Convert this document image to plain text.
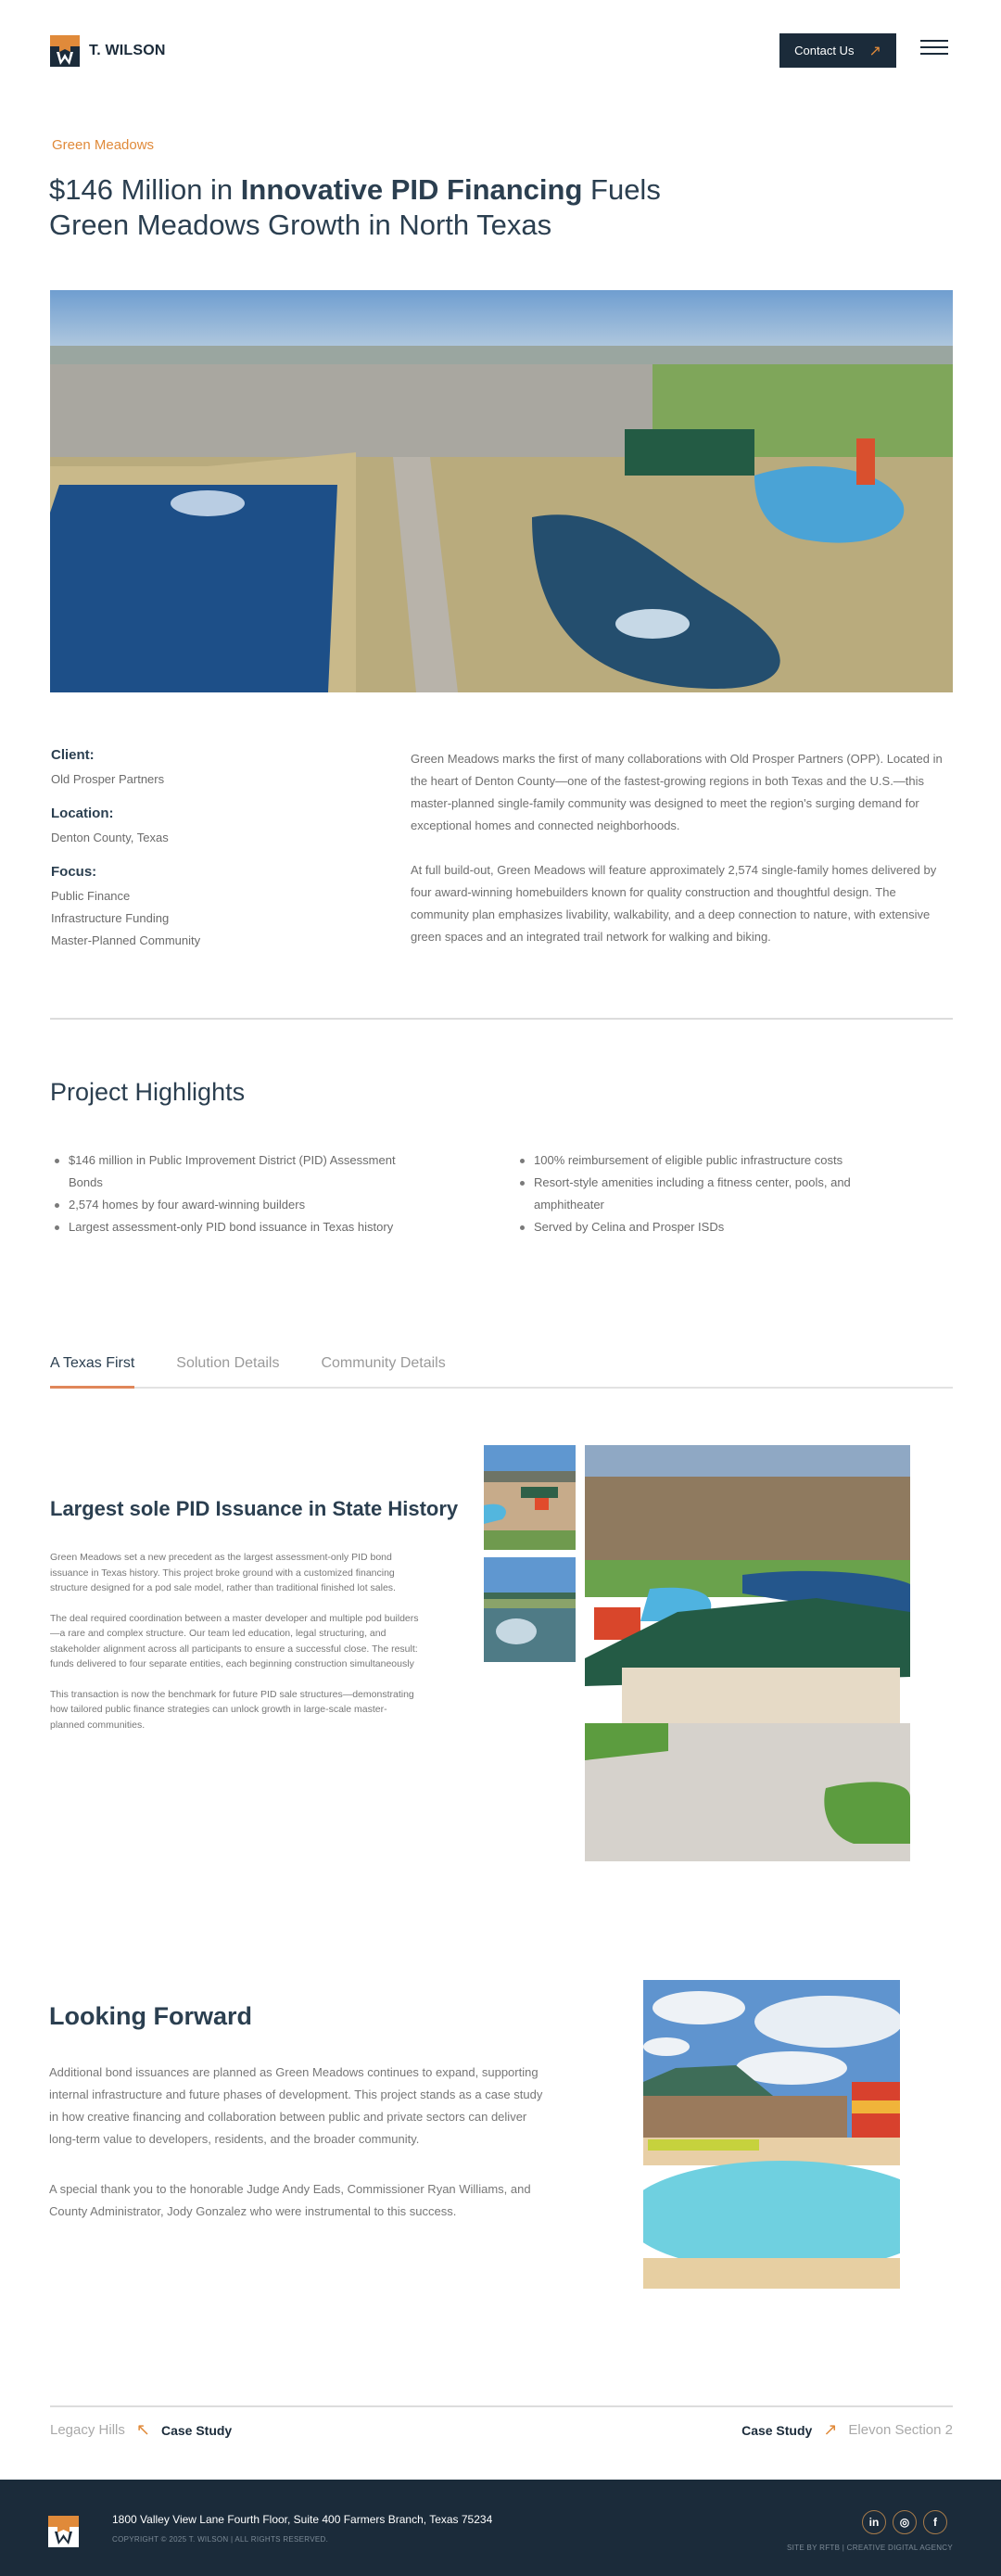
T. WILSON	Contact Us ↗
Green Meadows
$146 Million in Innovative PID Financing Fuels Green Meadows Growth in North Texas
Client:
Old Prosper Partners
Location:
Denton County, Texas
Focus:
Public Finance
Infrastructure Funding
Master-Planned Community

Green Meadows marks the first of many collaborations with Old Prosper Partners (OPP). Located in the heart of Denton County—one of the fastest-growing regions in both Texas and the U.S.—this master-planned single-family community was designed to meet the region's surging demand for exceptional homes and connected neighborhoods.

At full build-out, Green Meadows will feature approximately 2,574 single-family homes delivered by four award-winning homebuilders known for quality construction and thoughtful design. The community plan emphasizes livability, walkability, and a deep connection to nature, with extensive green spaces and an integrated trail network for walking and biking.

Project Highlights
$146 million in Public Improvement District (PID) Assessment Bonds
2,574 homes by four award-winning builders
Largest assessment-only PID bond issuance in Texas history
100% reimbursement of eligible public infrastructure costs
Resort-style amenities including a fitness center, pools, and amphitheater
Served by Celina and Prosper ISDs
A Texas First	Solution Details	Community Details
Largest sole PID Issuance in State History

Green Meadows set a new precedent as the largest assessment-only PID bond issuance in Texas history. This project broke ground with a customized financing structure designed for a pod sale model, rather than traditional finished lot sales.

The deal required coordination between a master developer and multiple pod builders—a rare and complex structure. Our team led education, legal structuring, and stakeholder alignment across all participants to ensure a successful close. The result: funds delivered to four separate entities, each beginning construction simultaneously

This transaction is now the benchmark for future PID sale structures—demonstrating how tailored public finance strategies can unlock growth in large-scale master-planned communities.

Looking Forward

Additional bond issuances are planned as Green Meadows continues to expand, supporting internal infrastructure and future phases of development. This project stands as a case study in how creative financing and collaboration between public and private sectors can deliver long-term value to developers, residents, and the broader community.

A special thank you to the honorable Judge Andy Eads, Commissioner Ryan Williams, and County Administrator, Jody Gonzalez who were instrumental to this success.

Legacy Hills ↖ Case Study	Case Study ↗ Elevon Section 2
1800 Valley View Lane Fourth Floor, Suite 400 Farmers Branch, Texas 75234
COPYRIGHT © 2025 T. WILSON | ALL RIGHTS RESERVED.
in	◎	f
SITE BY RFTB | CREATIVE DIGITAL AGENCY
